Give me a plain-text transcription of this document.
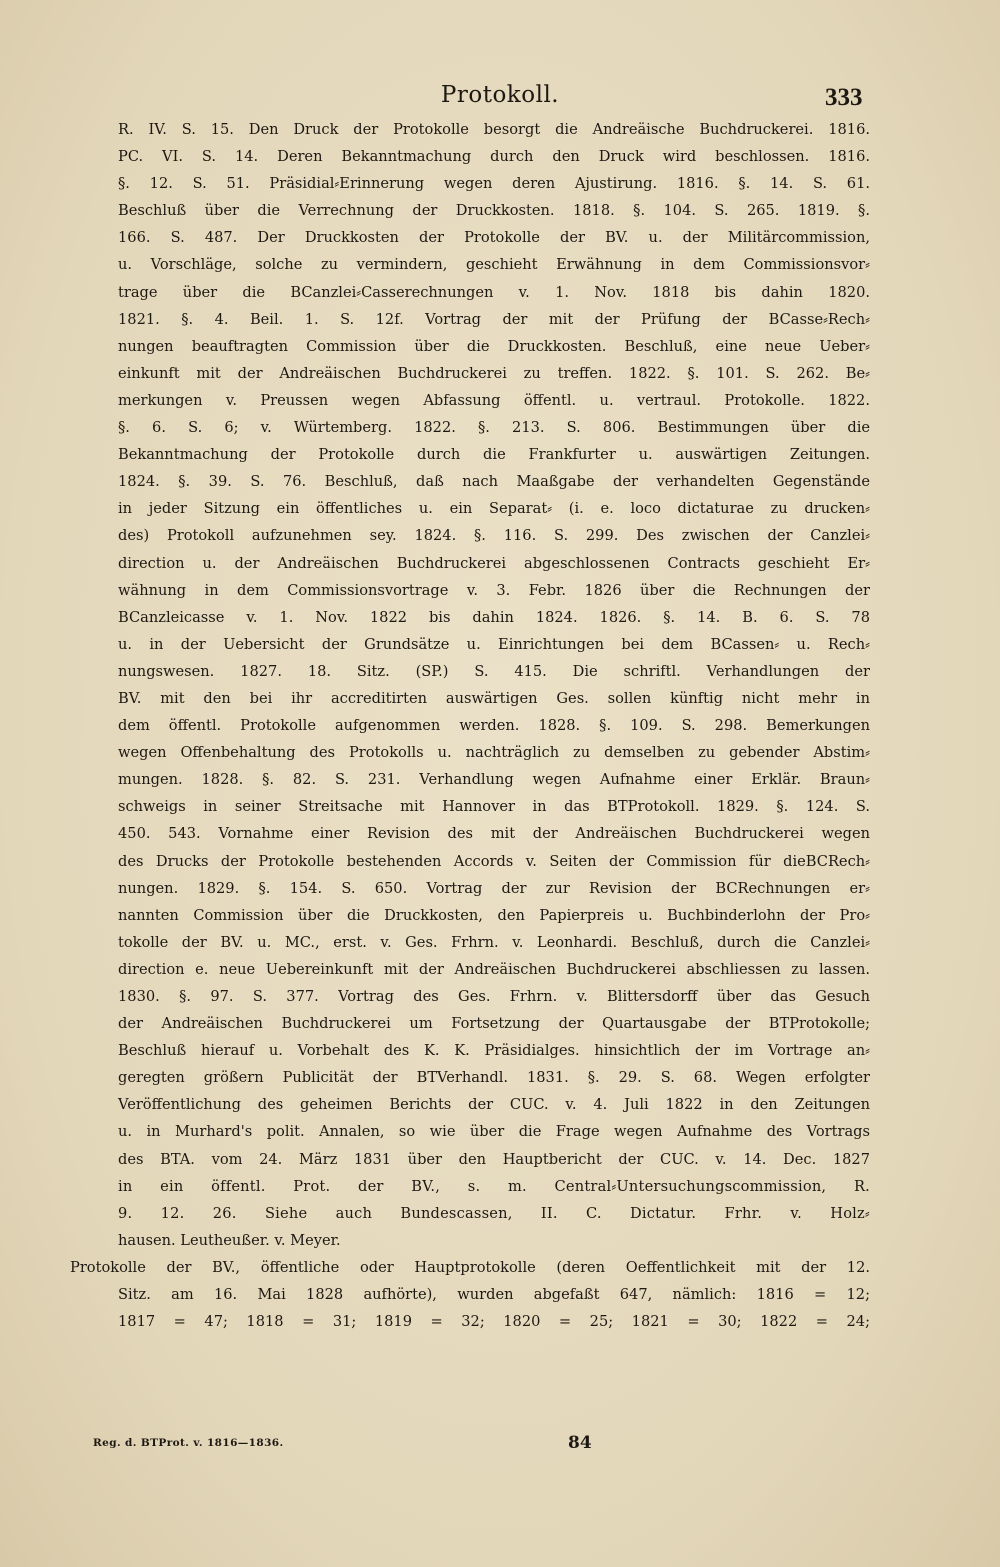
Protokoll.	333
R. IV. S. 15. Den Druck der Protokolle besorgt die Andreäische Buchdruckerei. 1816.
PC. VI. S. 14. Deren Bekanntmachung durch den Druck wird beschlossen. 1816.
§. 12. S. 51. Präsidial⸗Erinnerung wegen deren Ajustirung. 1816. §. 14. S. 61.
Beschluß über die Verrechnung der Druckkosten. 1818. §. 104. S. 265. 1819. §.
166. S. 487. Der Druckkosten der Protokolle der BV. u. der Militärcommission,
u. Vorschläge, solche zu vermindern, geschieht Erwähnung in dem Commissionsvor⸗
trage über die BCanzlei⸗Casserechnungen v. 1. Nov. 1818 bis dahin 1820.
1821. §. 4. Beil. 1. S. 12f. Vortrag der mit der Prüfung der BCasse⸗Rech⸗
nungen beauftragten Commission über die Druckkosten. Beschluß, eine neue Ueber⸗
einkunft mit der Andreäischen Buchdruckerei zu treffen. 1822. §. 101. S. 262. Be⸗
merkungen v. Preussen wegen Abfassung öffentl. u. vertraul. Protokolle. 1822.
§. 6. S. 6; v. Würtemberg. 1822. §. 213. S. 806. Bestimmungen über die
Bekanntmachung der Protokolle durch die Frankfurter u. auswärtigen Zeitungen.
1824. §. 39. S. 76. Beschluß, daß nach Maaßgabe der verhandelten Gegenstände
in jeder Sitzung ein öffentliches u. ein Separat⸗ (i. e. loco dictaturae zu drucken⸗
des) Protokoll aufzunehmen sey. 1824. §. 116. S. 299. Des zwischen der Canzlei⸗
direction u. der Andreäischen Buchdruckerei abgeschlossenen Contracts geschieht Er⸗
wähnung in dem Commissionsvortrage v. 3. Febr. 1826 über die Rechnungen der
BCanzleicasse v. 1. Nov. 1822 bis dahin 1824. 1826. §. 14. B. 6. S. 78
u. in der Uebersicht der Grundsätze u. Einrichtungen bei dem BCassen⸗ u. Rech⸗
nungswesen. 1827. 18. Sitz. (SP.) S. 415. Die schriftl. Verhandlungen der
BV. mit den bei ihr accreditirten auswärtigen Ges. sollen künftig nicht mehr in
dem öffentl. Protokolle aufgenommen werden. 1828. §. 109. S. 298. Bemerkungen
wegen Offenbehaltung des Protokolls u. nachträglich zu demselben zu gebender Abstim⸗
mungen. 1828. §. 82. S. 231. Verhandlung wegen Aufnahme einer Erklär. Braun⸗
schweigs in seiner Streitsache mit Hannover in das BTProtokoll. 1829. §. 124. S.
450. 543. Vornahme einer Revision des mit der Andreäischen Buchdruckerei wegen
des Drucks der Protokolle bestehenden Accords v. Seiten der Commission für dieBCRech⸗
nungen. 1829. §. 154. S. 650. Vortrag der zur Revision der BCRechnungen er⸗
nannten Commission über die Druckkosten, den Papierpreis u. Buchbinderlohn der Pro⸗
tokolle der BV. u. MC., erst. v. Ges. Frhrn. v. Leonhardi. Beschluß, durch die Canzlei⸗
direction e. neue Uebereinkunft mit der Andreäischen Buchdruckerei abschliessen zu lassen.
1830. §. 97. S. 377. Vortrag des Ges. Frhrn. v. Blittersdorff über das Gesuch
der Andreäischen Buchdruckerei um Fortsetzung der Quartausgabe der BTProtokolle;
Beschluß hierauf u. Vorbehalt des K. K. Präsidialges. hinsichtlich der im Vortrage an⸗
geregten größern Publicität der BTVerhandl. 1831. §. 29. S. 68. Wegen erfolgter
Veröffentlichung des geheimen Berichts der CUC. v. 4. Juli 1822 in den Zeitungen
u. in Murhard's polit. Annalen, so wie über die Frage wegen Aufnahme des Vortrags
des BTA. vom 24. März 1831 über den Hauptbericht der CUC. v. 14. Dec. 1827
in ein öffentl. Prot. der BV., s. m. Central⸗Untersuchungscommission, R.
9. 12. 26. Siehe auch Bundescassen, II. C. Dictatur. Frhr. v. Holz⸗
hausen. Leutheußer. v. Meyer.
Protokolle der BV., öffentliche oder Hauptprotokolle (deren Oeffentlichkeit mit der 12.
Sitz. am 16. Mai 1828 aufhörte), wurden abgefaßt 647, nämlich: 1816 = 12;
1817 = 47; 1818 = 31; 1819 = 32; 1820 = 25; 1821 = 30; 1822 = 24;
Reg. d. BTProt. v. 1816—1836.	84
